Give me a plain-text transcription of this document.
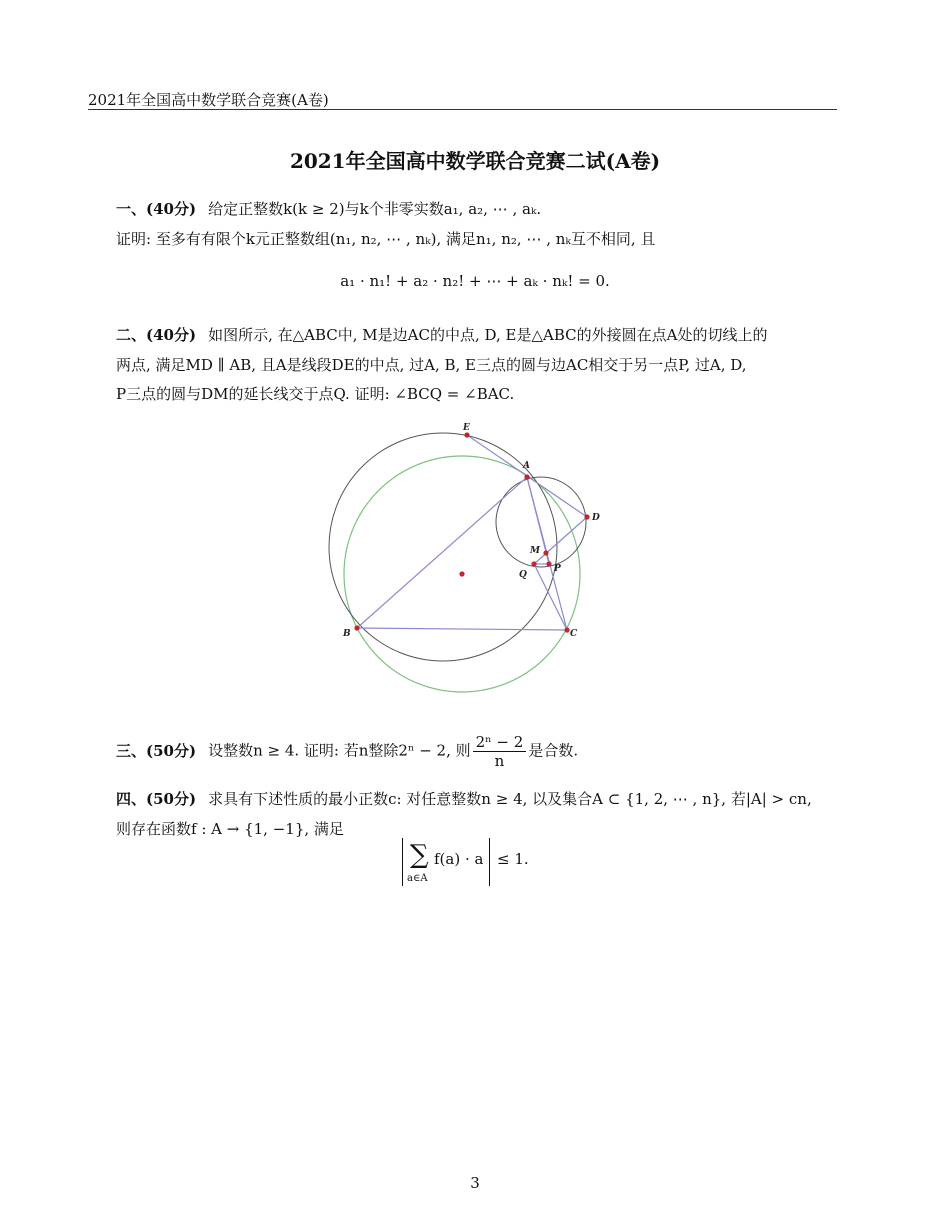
2021年全国高中数学联合竞赛(A卷)
2021年全国高中数学联合竞赛二试(A卷)
一、(40分) 给定正整数k(k ≥ 2)与k个非零实数a₁, a₂, ⋯ , aₖ.
证明: 至多有有限个k元正整数组(n₁, n₂, ⋯ , nₖ), 满足n₁, n₂, ⋯ , nₖ互不相同, 且
a₁ · n₁! + a₂ · n₂! + ⋯ + aₖ · nₖ! = 0.
二、(40分) 如图所示, 在△ABC中, M是边AC的中点, D, E是△ABC的外接圆在点A处的切线上的
两点, 满足MD ∥ AB, 且A是线段DE的中点, 过A, B, E三点的圆与边AC相交于另一点P, 过A, D,
P三点的圆与DM的延长线交于点Q. 证明: ∠BCQ = ∠BAC.
E
A
D
M
Q
P
B	C
三、(50分) 设整数n ≥ 4. 证明: 若n整除2ⁿ − 2, 则 $\frac{\text{2ⁿ − 2}}{n}$ 是合数.
四、(50分) 求具有下述性质的最小正数c: 对任意整数n ≥ 4, 以及集合A ⊂ {1, 2, ⋯ , n}, 若|A| > cn,
则存在函数f : A → {1, −1}, 满足
∑
a∈A
f(a) · a ≤ 1.
3
